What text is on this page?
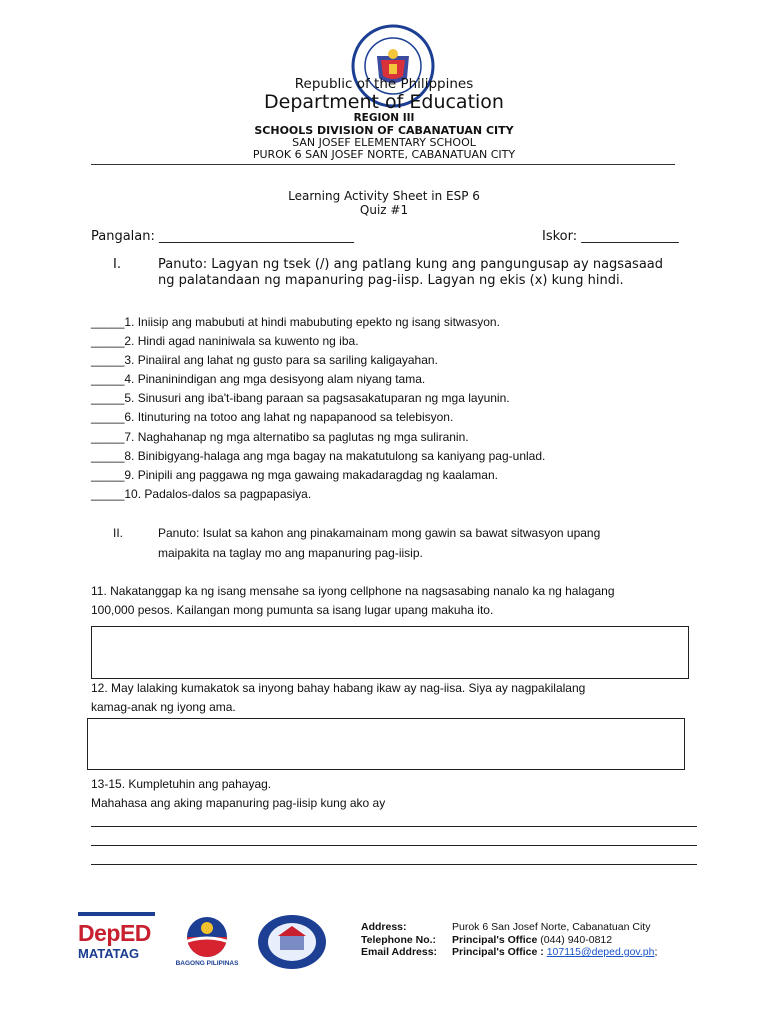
Republic of the Philippines
Department of Education
REGION III
SCHOOLS DIVISION OF CABANATUAN CITY
SAN JOSEF ELEMENTARY SCHOOL
PUROK 6 SAN JOSEF NORTE, CABANATUAN CITY
Learning Activity Sheet in ESP 6
Quiz #1
Pangalan: ______________________________	Iskor: _______________
I.	Panuto: Lagyan ng tsek (/) ang patlang kung ang pangungusap ay nagsasaad
ng palatandaan ng mapanuring pag-iisp. Lagyan ng ekis (x) kung hindi.
_____1. Iniisip ang mabubuti at hindi mabubuting epekto ng isang sitwasyon.
_____2. Hindi agad naniniwala sa kuwento ng iba.
_____3. Pinaiiral ang lahat ng gusto para sa sariling kaligayahan.
_____4. Pinaninindigan ang mga desisyong alam niyang tama.
_____5. Sinusuri ang iba't-ibang paraan sa pagsasakatuparan ng mga layunin.
_____6. Itinuturing na totoo ang lahat ng napapanood sa telebisyon.
_____7. Naghahanap ng mga alternatibo sa paglutas ng mga suliranin.
_____8. Binibigyang-halaga ang mga bagay na makatutulong sa kaniyang pag-unlad.
_____9. Pinipili ang paggawa ng mga gawaing makadaragdag ng kaalaman.
_____10. Padalos-dalos sa pagpapasiya.
II.	Panuto: Isulat sa kahon ang pinakamainam mong gawin sa bawat sitwasyon upang
maipakita na taglay mo ang mapanuring pag-iisip.
11. Nakatanggap ka ng isang mensahe sa iyong cellphone na nagsasabing nanalo ka ng halagang
100,000 pesos. Kailangan mong pumunta sa isang lugar upang makuha ito.
12. May lalaking kumakatok sa inyong bahay habang ikaw ay nag-iisa. Siya ay nagpakilalang
kamag-anak ng iyong ama.
13-15. Kumpletuhin ang pahayag.
Mahahasa ang aking mapanuring pag-iisip kung ako ay
DepED
MATATAG
BAGONG PILIPINAS
Address:	Purok 6 San Josef Norte, Cabanatuan City
Telephone No.: Principal's Office (044) 940-0812
Email Address: Principal's Office : 107115@deped.gov.ph;
